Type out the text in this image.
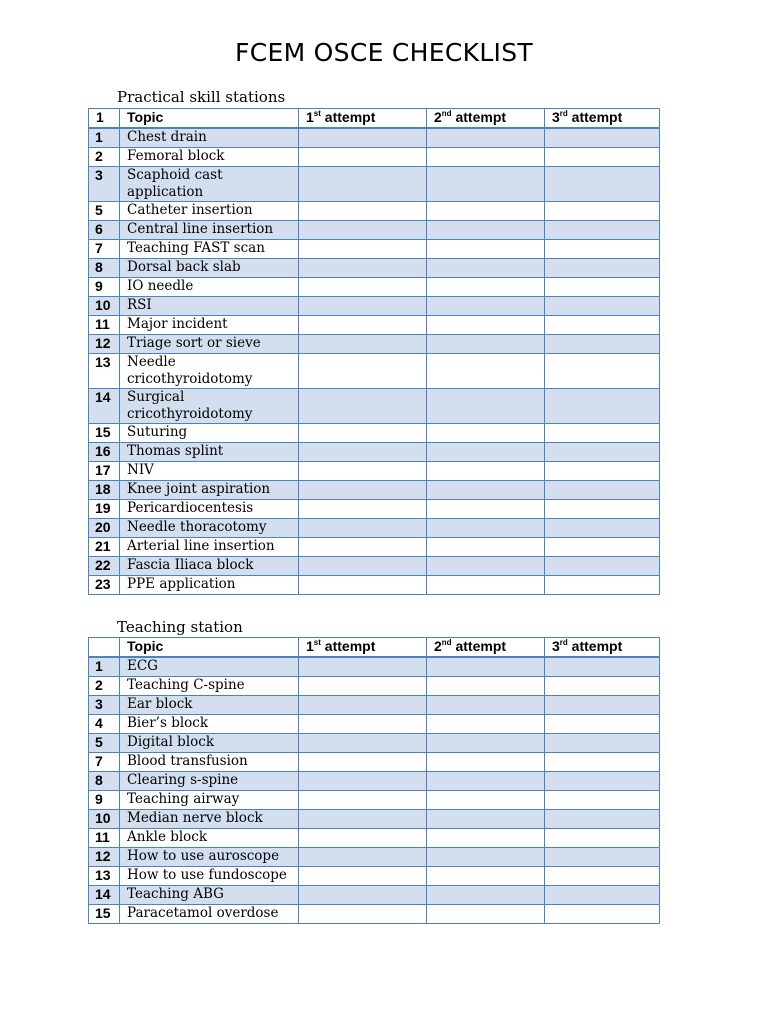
FCEM OSCE CHECKLIST
Practical skill stations
1	Topic	1st attempt	2nd attempt	3rd attempt
1	Chest drain			
2	Femoral block			
3	Scaphoid cast application			
5	Catheter insertion			
6	Central line insertion			
7	Teaching FAST scan			
8	Dorsal back slab			
9	IO needle			
10	RSI			
11	Major incident			
12	Triage sort or sieve			
13	Needle cricothyroidotomy			
14	Surgical cricothyroidotomy			
15	Suturing			
16	Thomas splint			
17	NIV			
18	Knee joint aspiration			
19	Pericardiocentesis			
20	Needle thoracotomy			
21	Arterial line insertion			
22	Fascia Iliaca block			
23	PPE application			
Teaching station
	Topic	1st attempt	2nd attempt	3rd attempt
1	ECG			
2	Teaching C-spine			
3	Ear block			
4	Bier’s block			
5	Digital block			
7	Blood transfusion			
8	Clearing s-spine			
9	Teaching airway			
10	Median nerve block			
11	Ankle block			
12	How to use auroscope			
13	How to use fundoscope			
14	Teaching ABG			
15	Paracetamol overdose			
